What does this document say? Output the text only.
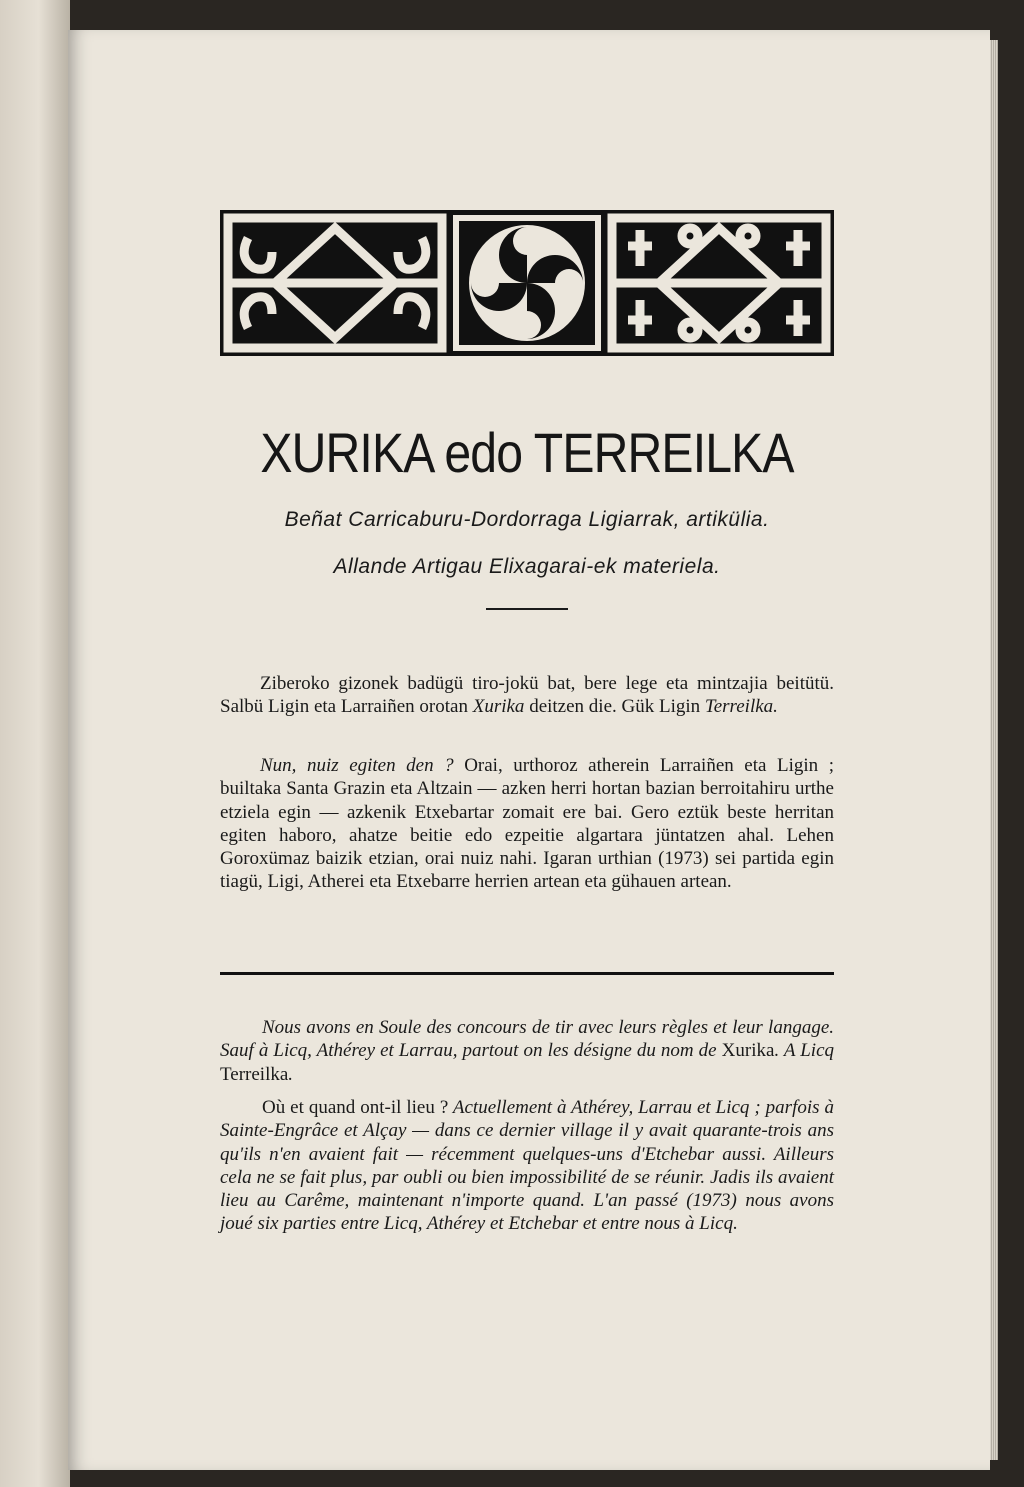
XURIKA edo TERREILKA
Beñat Carricaburu-Dordorraga Ligiarrak, artikülia.
Allande Artigau Elixagarai-ek materiela.

Ziberoko gizonek badügü tiro-jokü bat, bere lege eta mintzajia beitütü. Salbü Ligin eta Larraiñen orotan Xurika deitzen die. Gük Ligin Terreilka.

Nun, nuiz egiten den ? Orai, urthoroz atherein Larraiñen eta Ligin ; builtaka Santa Grazin eta Altzain — azken herri hortan bazian berroitahiru urthe etziela egin — azkenik Etxebartar zomait ere bai. Gero eztük beste herritan egiten haboro, ahatze beitie edo ezpeitie algartara jüntatzen ahal. Lehen Goroxümaz baizik etzian, orai nuiz nahi. Igaran urthian (1973) sei partida egin tiagü, Ligi, Atherei eta Etxebarre herrien artean eta gühauen artean.

Nous avons en Soule des concours de tir avec leurs règles et leur langage. Sauf à Licq, Athérey et Larrau, partout on les désigne du nom de Xurika. A Licq Terreilka.

Où et quand ont-il lieu ? Actuellement à Athérey, Larrau et Licq ; parfois à Sainte-Engrâce et Alçay — dans ce dernier village il y avait quarante-trois ans qu'ils n'en avaient fait — récemment quelques-uns d'Etchebar aussi. Ailleurs cela ne se fait plus, par oubli ou bien impossibilité de se réunir. Jadis ils avaient lieu au Carême, maintenant n'importe quand. L'an passé (1973) nous avons joué six parties entre Licq, Athérey et Etchebar et entre nous à Licq.
